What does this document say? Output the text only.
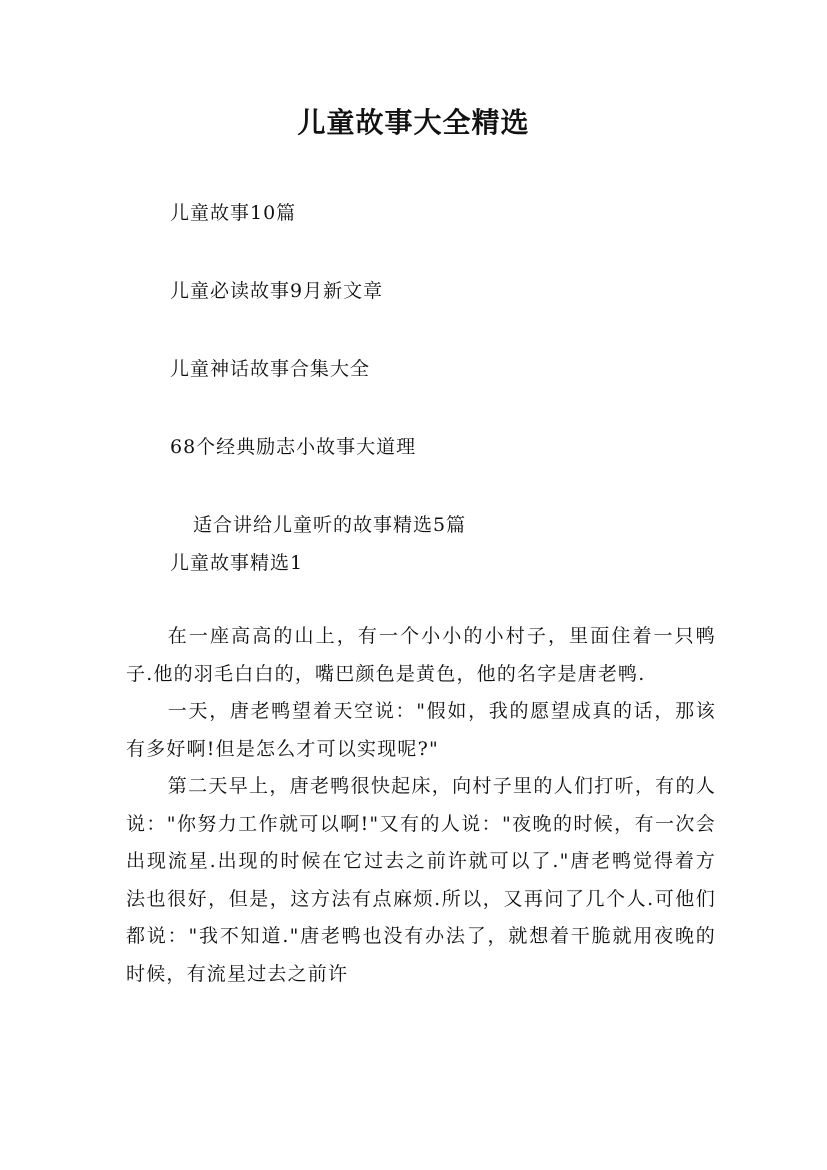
儿童故事大全精选
儿童故事10篇
儿童必读故事9月新文章
儿童神话故事合集大全
68个经典励志小故事大道理
适合讲给儿童听的故事精选5篇
儿童故事精选1

在一座高高的山上，有一个小小的小村子，里面住着一只鸭子.他的羽毛白白的，嘴巴颜色是黄色，他的名字是唐老鸭.

一天，唐老鸭望着天空说："假如，我的愿望成真的话，那该有多好啊!但是怎么才可以实现呢?"

第二天早上，唐老鸭很快起床，向村子里的人们打听，有的人说："你努力工作就可以啊!"又有的人说："夜晚的时候，有一次会出现流星.出现的时候在它过去之前许就可以了."唐老鸭觉得着方法也很好，但是，这方法有点麻烦.所以，又再问了几个人.可他们都说："我不知道."唐老鸭也没有办法了，就想着干脆就用夜晚的时候，有流星过去之前许
